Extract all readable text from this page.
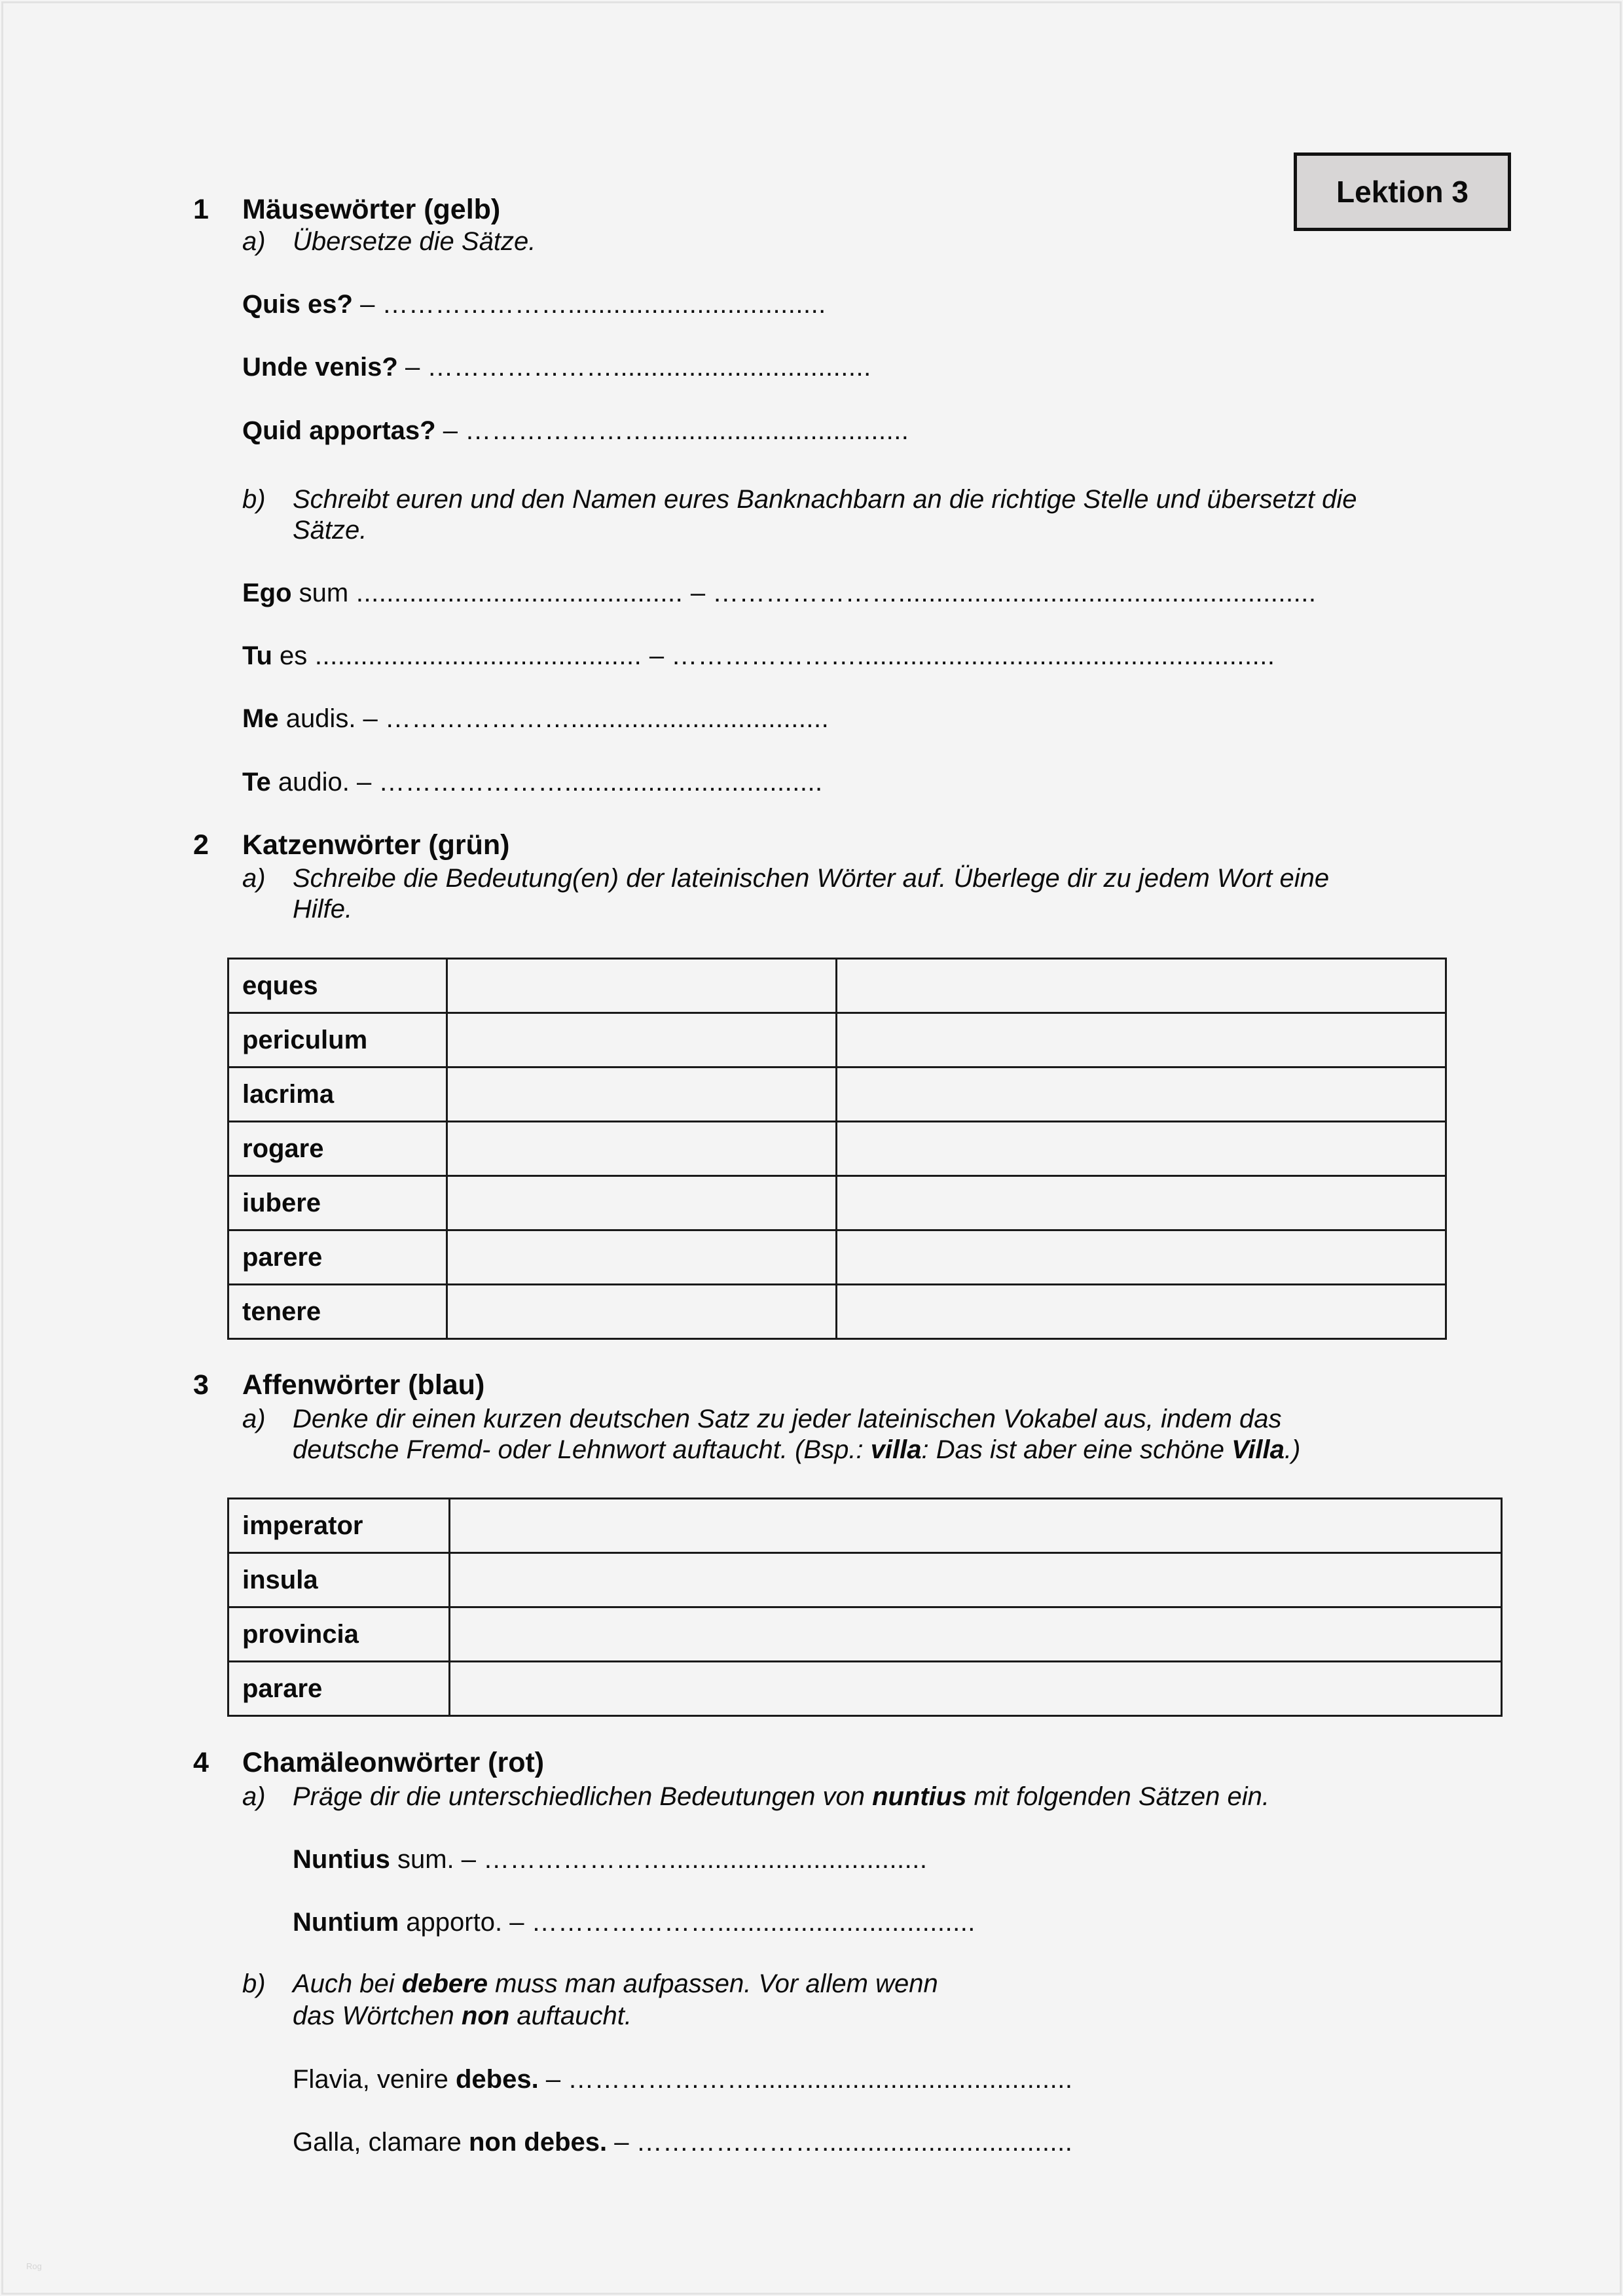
Lektion 3
1 Mäusewörter (gelb)
a) Übersetze die Sätze.
Quis es? – …………………..................................
Unde venis? – …………………..................................
Quid apportas? – …………………..................................
b) Schreibt euren und den Namen eures Banknachbarn an die richtige Stelle und übersetzt die
Sätze.
Ego sum ........................................... – ………………….......................................................
Tu es ........................................... – ………………….......................................................
Me audis. – …………………..................................
Te audio. – …………………..................................
2 Katzenwörter (grün)
a) Schreibe die Bedeutung(en) der lateinischen Wörter auf. Überlege dir zu jedem Wort eine
Hilfe.
eques		
periculum		
lacrima		
rogare		
iubere		
parere		
tenere		
3 Affenwörter (blau)
a) Denke dir einen kurzen deutschen Satz zu jeder lateinischen Vokabel aus, indem das
deutsche Fremd- oder Lehnwort auftaucht. (Bsp.: villa: Das ist aber eine schöne Villa.)
imperator	
insula	
provincia	
parare	
4 Chamäleonwörter (rot)
a) Präge dir die unterschiedlichen Bedeutungen von nuntius mit folgenden Sätzen ein.
Nuntius sum. – …………………..................................
Nuntium apporto. – …………………..................................
b) Auch bei debere muss man aufpassen. Vor allem wenn
das Wörtchen non auftaucht.
Flavia, venire debes. – …………………..........................................
Galla, clamare non debes. – ………………….................................
Rog
